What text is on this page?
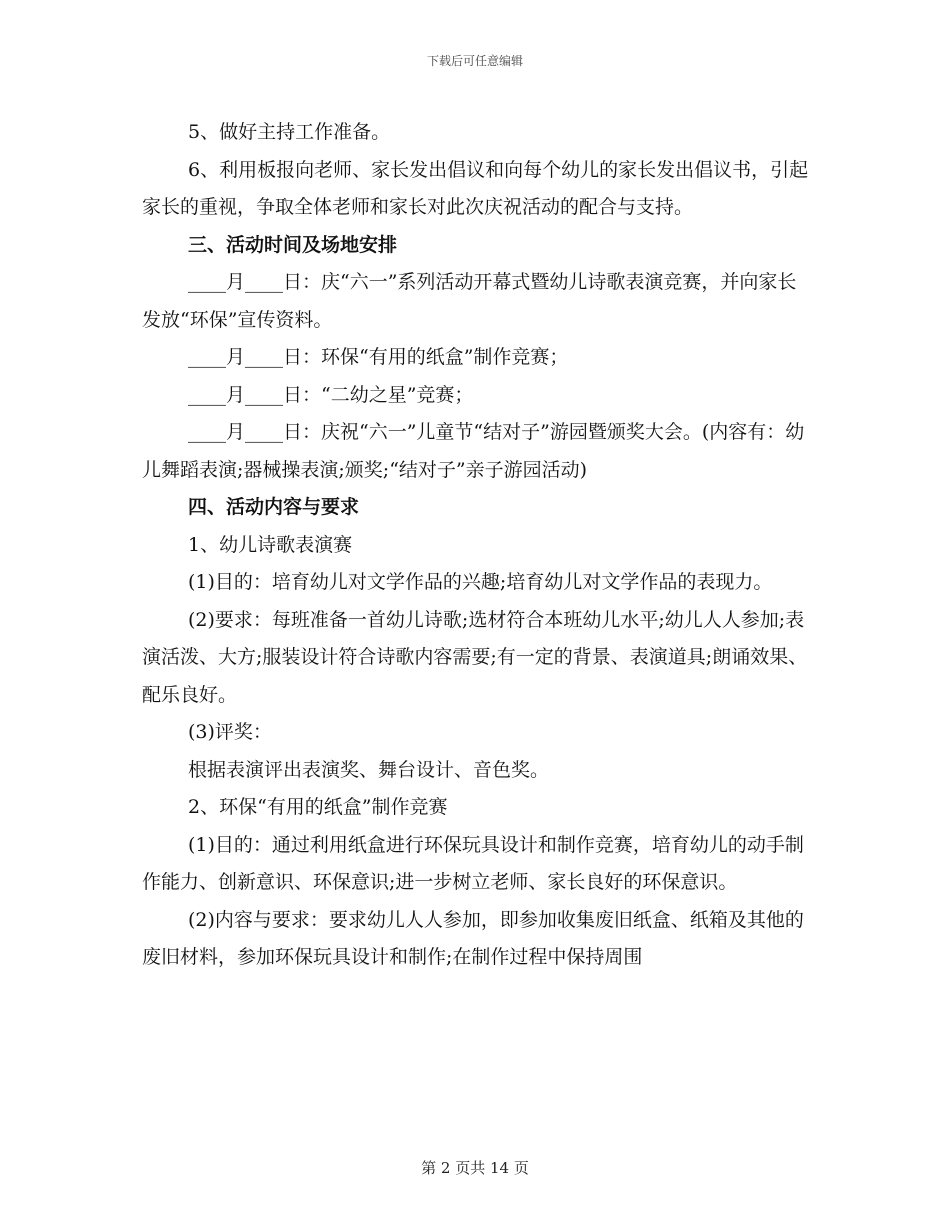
下载后可任意编辑

5、做好主持工作准备。

6、利用板报向老师、家长发出倡议和向每个幼儿的家长发出倡议书，引起家长的重视，争取全体老师和家长对此次庆祝活动的配合与支持。

三、活动时间及场地安排

____月____日：庆“六一”系列活动开幕式暨幼儿诗歌表演竞赛，并向家长发放“环保”宣传资料。

____月____日：环保“有用的纸盒”制作竞赛；

____月____日：“二幼之星”竞赛；

____月____日：庆祝“六一”儿童节“结对子”游园暨颁奖大会。(内容有：幼儿舞蹈表演;器械操表演;颁奖;“结对子”亲子游园活动)

四、活动内容与要求

1、幼儿诗歌表演赛

(1)目的：培育幼儿对文学作品的兴趣;培育幼儿对文学作品的表现力。

(2)要求：每班准备一首幼儿诗歌;选材符合本班幼儿水平;幼儿人人参加;表演活泼、大方;服装设计符合诗歌内容需要;有一定的背景、表演道具;朗诵效果、配乐良好。

(3)评奖：

根据表演评出表演奖、舞台设计、音色奖。

2、环保“有用的纸盒”制作竞赛

(1)目的：通过利用纸盒进行环保玩具设计和制作竞赛，培育幼儿的动手制作能力、创新意识、环保意识;进一步树立老师、家长良好的环保意识。

(2)内容与要求：要求幼儿人人参加，即参加收集废旧纸盒、纸箱及其他的废旧材料，参加环保玩具设计和制作;在制作过程中保持周围

第 2 页共 14 页
